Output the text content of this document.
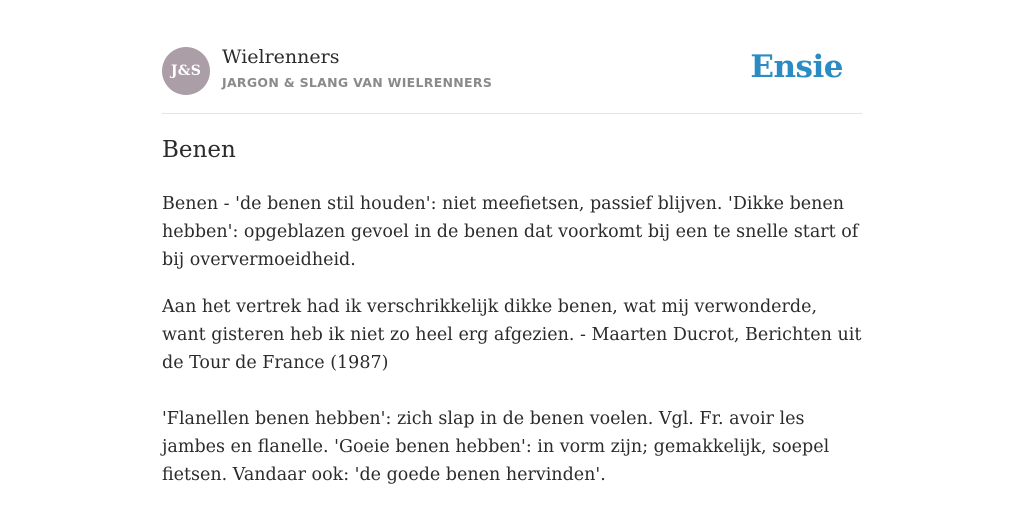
J&S
Wielrenners
JARGON & SLANG VAN WIELRENNERS	Ensie
Benen

Benen - 'de benen stil houden': niet meefietsen, passief blijven. 'Dikke benen hebben': opgeblazen gevoel in de benen dat voorkomt bij een te snelle start of bij oververmoeidheid.

Aan het vertrek had ik verschrikkelijk dikke benen, wat mij verwonderde, want gisteren heb ik niet zo heel erg afgezien. - Maarten Ducrot, Berichten uit de Tour de France (1987)

'Flanellen benen hebben': zich slap in de benen voelen. Vgl. Fr. avoir les jambes en flanelle. 'Goeie benen hebben': in vorm zijn; gemakkelijk, soepel fietsen. Vandaar ook: 'de goede benen hervinden'.
